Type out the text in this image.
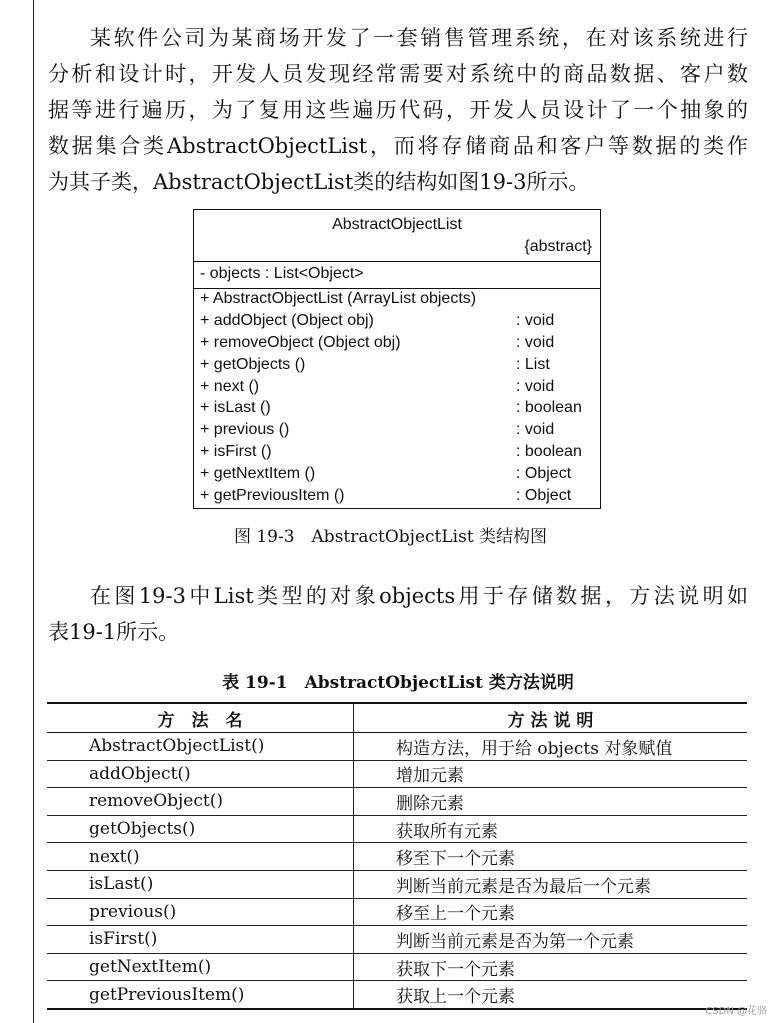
某软件公司为某商场开发了一套销售管理系统，在对该系统进行
分析和设计时，开发人员发现经常需要对系统中的商品数据、客户数
据等进行遍历，为了复用这些遍历代码，开发人员设计了一个抽象的
数据集合类AbstractObjectList，而将存储商品和客户等数据的类作
为其子类，AbstractObjectList类的结构如图19-3所示。
AbstractObjectList
{abstract}
- objects : List<Object>
+ AbstractObjectList (ArrayList objects)
+ addObject (Object obj)	: void
+ removeObject (Object obj)	: void
+ getObjects ()	: List
+ next ()	: void
+ isLast ()	: boolean
+ previous ()	: void
+ isFirst ()	: boolean
+ getNextItem ()	: Object
+ getPreviousItem ()	: Object
图 19-3　AbstractObjectList 类结构图
在图19-3中List类型的对象objects用于存储数据，方法说明如
表19-1所示。
表 19-1　AbstractObjectList 类方法说明
方　法　名	方 法 说 明
AbstractObjectList()	构造方法，用于给 objects 对象赋值
addObject()	增加元素
removeObject()	删除元素
getObjects()	获取所有元素
next()	移至下一个元素
isLast()	判断当前元素是否为最后一个元素
previous()	移至上一个元素
isFirst()	判断当前元素是否为第一个元素
getNextItem()	获取下一个元素
getPreviousItem()	获取上一个元素
CSDN @花骆
